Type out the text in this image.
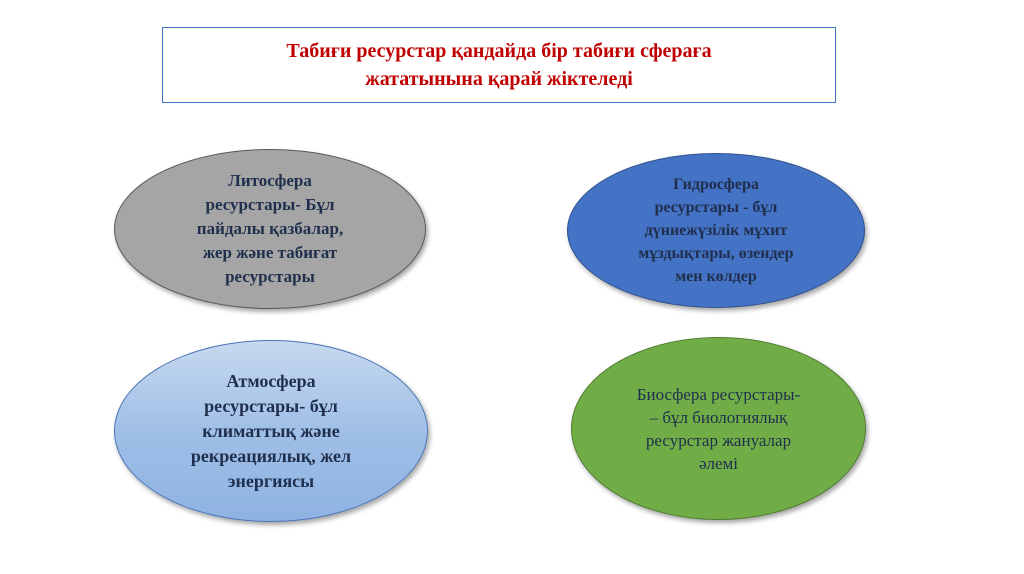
Табиғи ресурстар қандайда бір табиғи сфераға
жататынына қарай жіктеледі
Литосфера
ресурстары- Бұл
пайдалы қазбалар,
жер және табиғат
ресурстары
Гидросфера
ресурстары - бұл
дүниежүзілік мұхит
мұздықтары, өзендер
мен көлдер
Атмосфера
ресурстары- бұл
климаттық және
рекреациялық, жел
энергиясы
Биосфера ресурстары-
– бұл биологиялық
ресурстар жануалар
әлемі
